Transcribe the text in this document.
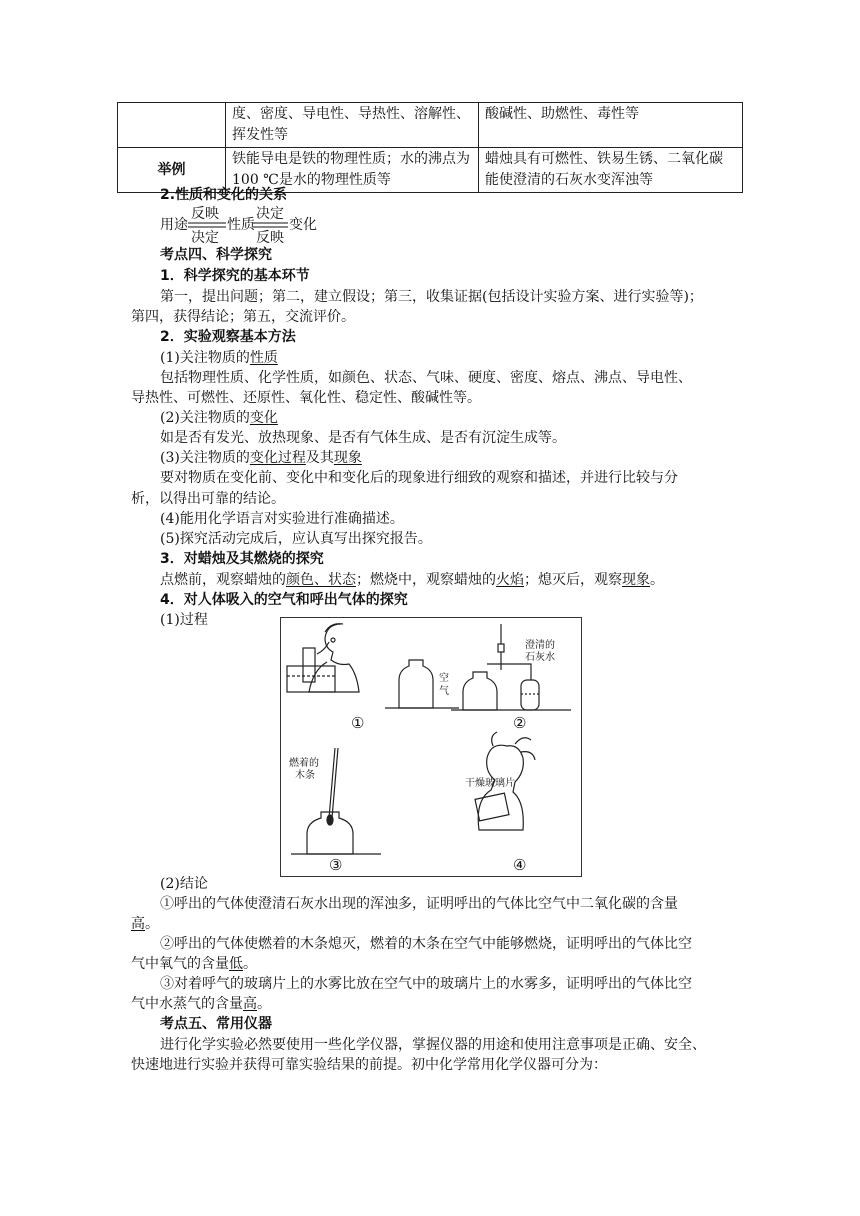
	度、密度、导电性、导热性、溶解性、挥发性等	酸碱性、助燃性、毒性等
举例	铁能导电是铁的物理性质；水的沸点为100 ℃是水的物理性质等	蜡烛具有可燃性、铁易生锈、二氧化碳能使澄清的石灰水变浑浊等
2.性质和变化的关系
用途
反映
决定
性质
决定
反映
变化
考点四、科学探究
1．科学探究的基本环节
第一，提出问题；第二，建立假设；第三，收集证据(包括设计实验方案、进行实验等)；
第四，获得结论；第五，交流评价。
2．实验观察基本方法
(1)关注物质的性质
包括物理性质、化学性质，如颜色、状态、气味、硬度、密度、熔点、沸点、导电性、
导热性、可燃性、还原性、氧化性、稳定性、酸碱性等。
(2)关注物质的变化
如是否有发光、放热现象、是否有气体生成、是否有沉淀生成等。
(3)关注物质的变化过程及其现象
要对物质在变化前、变化中和变化后的现象进行细致的观察和描述，并进行比较与分
析，以得出可靠的结论。
(4)能用化学语言对实验进行准确描述。
(5)探究活动完成后，应认真写出探究报告。
3．对蜡烛及其燃烧的探究
点燃前，观察蜡烛的颜色、状态；燃烧中，观察蜡烛的火焰；熄灭后，观察现象。
4．对人体吸入的空气和呼出气体的探究
(1)过程
空气
澄清的
石灰水
燃着的
木条
干燥玻璃片
①	②
③	④
(2)结论
①呼出的气体使澄清石灰水出现的浑浊多，证明呼出的气体比空气中二氧化碳的含量
高。
②呼出的气体使燃着的木条熄灭，燃着的木条在空气中能够燃烧，证明呼出的气体比空
气中氧气的含量低。
③对着呼气的玻璃片上的水雾比放在空气中的玻璃片上的水雾多，证明呼出的气体比空
气中水蒸气的含量高。
考点五、常用仪器
进行化学实验必然要使用一些化学仪器，掌握仪器的用途和使用注意事项是正确、安全、
快速地进行实验并获得可靠实验结果的前提。初中化学常用化学仪器可分为：
